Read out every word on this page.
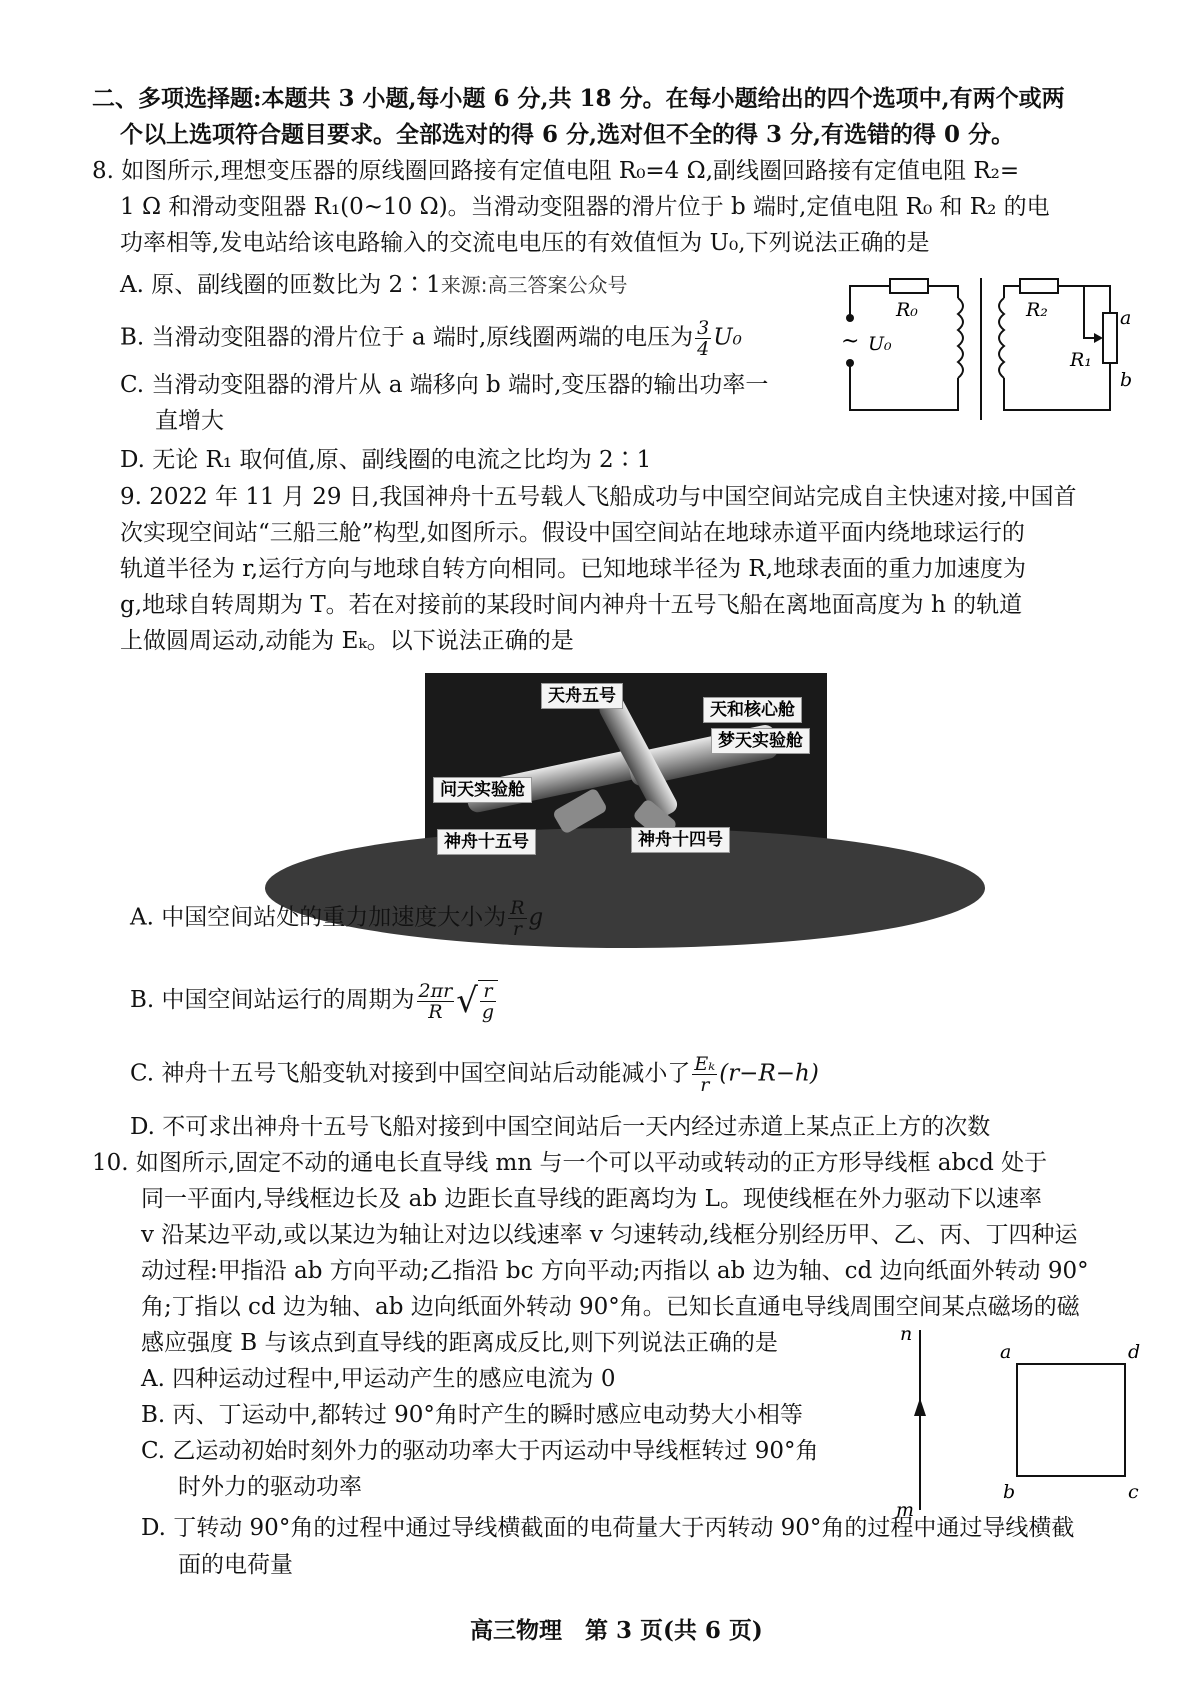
二、多项选择题:本题共 3 小题,每小题 6 分,共 18 分。在每小题给出的四个选项中,有两个或两
个以上选项符合题目要求。全部选对的得 6 分,选对但不全的得 3 分,有选错的得 0 分。
8. 如图所示,理想变压器的原线圈回路接有定值电阻 R₀=4 Ω,副线圈回路接有定值电阻 R₂=
1 Ω 和滑动变阻器 R₁(0~10 Ω)。当滑动变阻器的滑片位于 b 端时,定值电阻 R₀ 和 R₂ 的电
功率相等,发电站给该电路输入的交流电电压的有效值恒为 U₀,下列说法正确的是
A. 原、副线圈的匝数比为 2∶1来源:高三答案公众号
B. 当滑动变阻器的滑片位于 a 端时,原线圈两端的电压为 $\frac{3}{4} U_0$
C. 当滑动变阻器的滑片从 a 端移向 b 端时,变压器的输出功率一
直增大
D. 无论 R₁ 取何值,原、副线圈的电流之比均为 2∶1
R₀
~ U₀
R₂
R₁
a
b
9. 2022 年 11 月 29 日,我国神舟十五号载人飞船成功与中国空间站完成自主快速对接,中国首
次实现空间站“三船三舱”构型,如图所示。假设中国空间站在地球赤道平面内绕地球运行的
轨道半径为 r,运行方向与地球自转方向相同。已知地球半径为 R,地球表面的重力加速度为
g,地球自转周期为 T。若在对接前的某段时间内神舟十五号飞船在离地面高度为 h 的轨道
上做圆周运动,动能为 Eₖ。以下说法正确的是
天舟五号
天和核心舱
梦天实验舱
问天实验舱
神舟十五号	神舟十四号
A. 中国空间站处的重力加速度大小为 $\frac{R}{r}$ g
B. 中国空间站运行的周期为 $\frac{2\pi r}{R}$ √ $\frac{r}{g}$
C. 神舟十五号飞船变轨对接到中国空间站后动能减小了 $\frac{\text{Eₖ}}{r} (r-R-h)$
D. 不可求出神舟十五号飞船对接到中国空间站后一天内经过赤道上某点正上方的次数
10. 如图所示,固定不动的通电长直导线 mn 与一个可以平动或转动的正方形导线框 abcd 处于
同一平面内,导线框边长及 ab 边距长直导线的距离均为 L。现使线框在外力驱动下以速率
v 沿某边平动,或以某边为轴让对边以线速率 v 匀速转动,线框分别经历甲、乙、丙、丁四种运
动过程:甲指沿 ab 方向平动;乙指沿 bc 方向平动;丙指以 ab 边为轴、cd 边向纸面外转动 90°
角;丁指以 cd 边为轴、ab 边向纸面外转动 90°角。已知长直通电导线周围空间某点磁场的磁
感应强度 B 与该点到直导线的距离成反比,则下列说法正确的是
A. 四种运动过程中,甲运动产生的感应电流为 0
B. 丙、丁运动中,都转过 90°角时产生的瞬时感应电动势大小相等
C. 乙运动初始时刻外力的驱动功率大于丙运动中导线框转过 90°角
时外力的驱动功率
D. 丁转动 90°角的过程中通过导线横截面的电荷量大于丙转动 90°角的过程中通过导线横截
面的电荷量
n
m
a	d
b	c
高三物理　第 3 页(共 6 页)
